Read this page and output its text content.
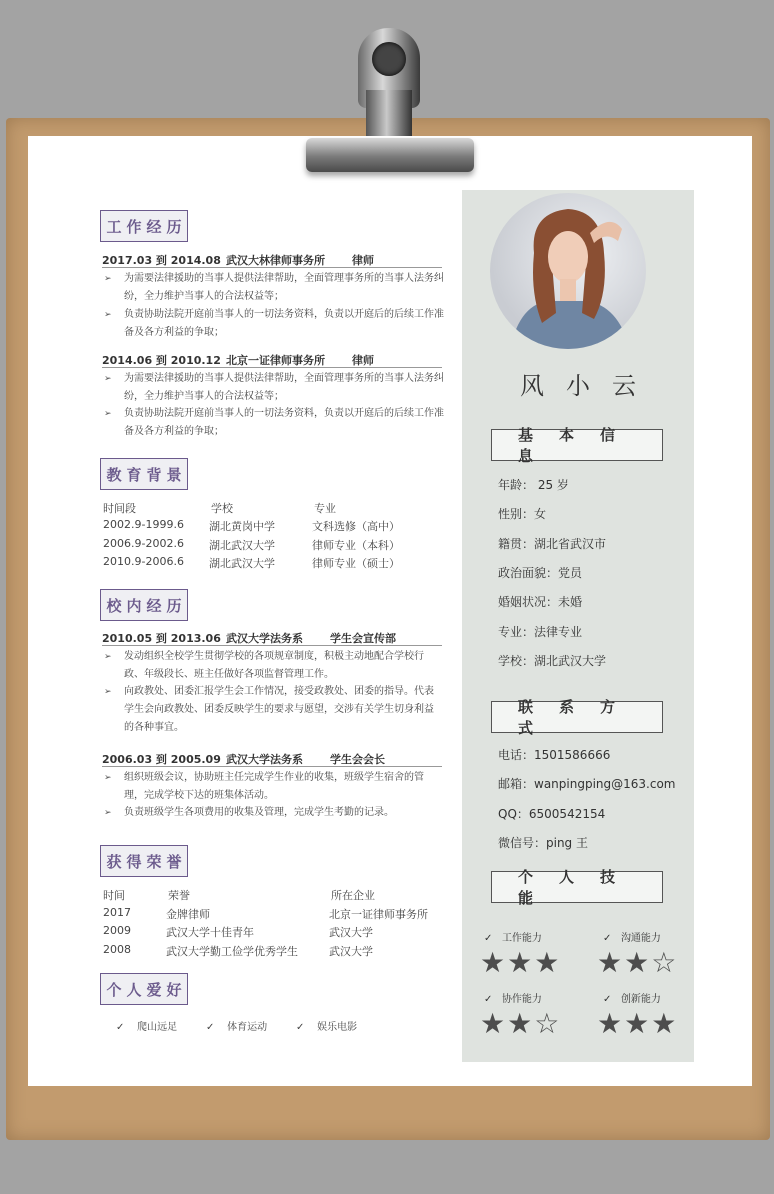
工作经历
2017.03 到 2014.08 武汉大林律师事务所	律师
➢ 为需要法律援助的当事人提供法律帮助，全面管理事务所的当事人法务纠纷，全力维护当事人的合法权益等；
➢ 负责协助法院开庭前当事人的一切法务资料，负责以开庭后的后续工作准备及各方利益的争取；
2014.06 到 2010.12 北京一证律师事务所	律师
➢ 为需要法律援助的当事人提供法律帮助，全面管理事务所的当事人法务纠纷，全力维护当事人的合法权益等；
➢ 负责协助法院开庭前当事人的一切法务资料，负责以开庭后的后续工作准备及各方利益的争取；
教育背景
时间段	学校	专业
2002.9-1999.6 湖北黄岗中学	文科选修（高中）
2006.9-2002.6 湖北武汉大学	律师专业（本科）
2010.9-2006.6 湖北武汉大学	律师专业（硕士）
校内经历
2010.05 到 2013.06 武汉大学法务系	学生会宣传部
➢ 发动组织全校学生贯彻学校的各项规章制度，积极主动地配合学校行政、年级段长、班主任做好各项监督管理工作。
➢ 向政教处、团委汇报学生会工作情况，接受政教处、团委的指导。代表学生会向政教处、团委反映学生的要求与愿望，交涉有关学生切身利益的各种事宜。
2006.03 到 2005.09 武汉大学法务系	学生会会长
➢ 组织班级会议，协助班主任完成学生作业的收集，班级学生宿舍的管理，完成学校下达的班集体活动。
➢ 负责班级学生各项费用的收集及管理，完成学生考勤的记录。
获得荣誉
时间	荣誉	所在企业
2017	金牌律师	北京一证律师事务所
2009	武汉大学十佳青年	武汉大学
2008	武汉大学勤工俭学优秀学生	武汉大学
个人爱好
✓ 爬山远足	✓ 体育运动	✓ 娱乐电影
风小云
基本信息
年龄： 25 岁
性别：女
籍贯：湖北省武汉市
政治面貌：党员
婚姻状况：未婚
专业：法律专业
学校：湖北武汉大学
联系方式
电话：1501586666
邮箱：wanpingping@163.com
QQ：6500542154
微信号：ping 王
个人技能
✓ 工作能力
★★★
✓ 沟通能力
★★☆
✓ 协作能力
★★☆
✓ 创新能力
★★★
